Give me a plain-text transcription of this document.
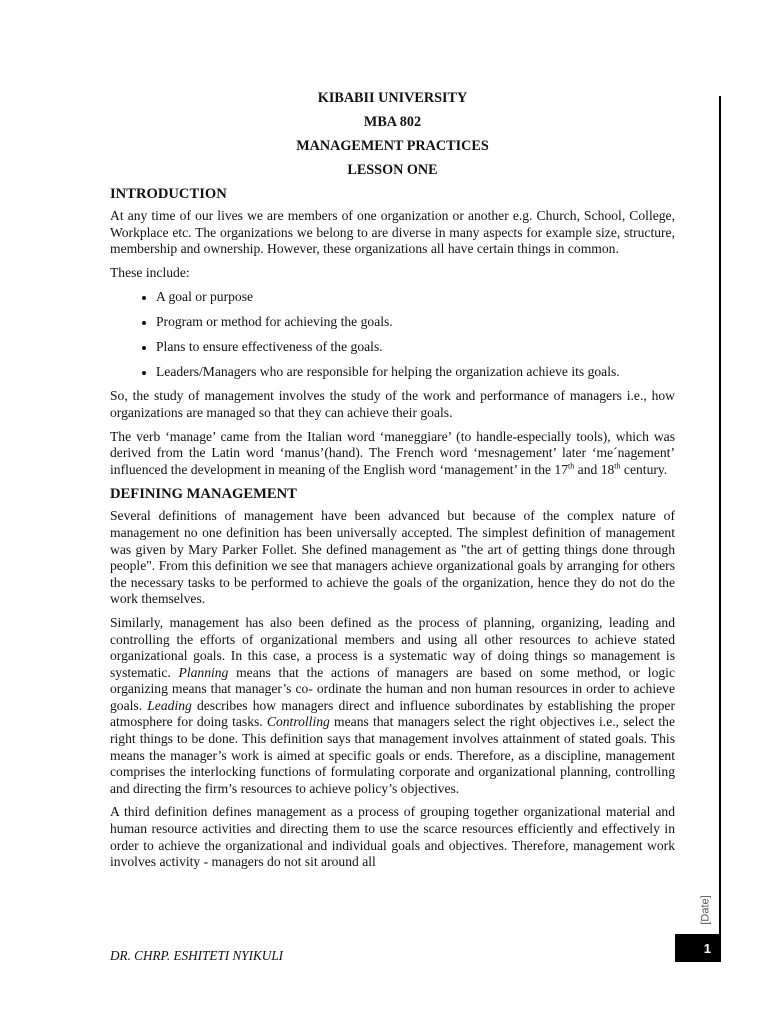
KIBABII UNIVERSITY
MBA 802
MANAGEMENT PRACTICES
LESSON ONE
INTRODUCTION

At any time of our lives we are members of one organization or another e.g. Church, School, College, Workplace etc. The organizations we belong to are diverse in many aspects for example size, structure, membership and ownership. However, these organizations all have certain things in common.

These include:

• A goal or purpose
• Program or method for achieving the goals.
• Plans to ensure effectiveness of the goals.
• Leaders/Managers who are responsible for helping the organization achieve its goals.

So, the study of management involves the study of the work and performance of managers i.e., how organizations are managed so that they can achieve their goals.

The verb ‘manage’ came from the Italian word ‘maneggiare’ (to handle-especially tools), which was derived from the Latin word ‘manus’(hand). The French word ‘mesnagement’ later ‘me´nagement’ influenced the development in meaning of the English word ‘management’ in the 17th and 18th century.

DEFINING MANAGEMENT

Several definitions of management have been advanced but because of the complex nature of management no one definition has been universally accepted. The simplest definition of management was given by Mary Parker Follet. She defined management as "the art of getting things done through people". From this definition we see that managers achieve organizational goals by arranging for others the necessary tasks to be performed to achieve the goals of the organization, hence they do not do the work themselves.

Similarly, management has also been defined as the process of planning, organizing, leading and controlling the efforts of organizational members and using all other resources to achieve stated organizational goals. In this case, a process is a systematic way of doing things so management is systematic. Planning means that the actions of managers are based on some method, or logic organizing means that manager’s co- ordinate the human and non human resources in order to achieve goals. Leading describes how managers direct and influence subordinates by establishing the proper atmosphere for doing tasks. Controlling means that managers select the right objectives i.e., select the right things to be done. This definition says that management involves attainment of stated goals. This means the manager’s work is aimed at specific goals or ends. Therefore, as a discipline, management comprises the interlocking functions of formulating corporate and organizational planning, controlling and directing the firm’s resources to achieve policy’s objectives.

A third definition defines management as a process of grouping together organizational material and human resource activities and directing them to use the scarce resources efficiently and effectively in order to achieve the organizational and individual goals and objectives. Therefore, management work involves activity - managers do not sit around all

[Date]
1
DR. CHRP. ESHITETI NYIKULI
